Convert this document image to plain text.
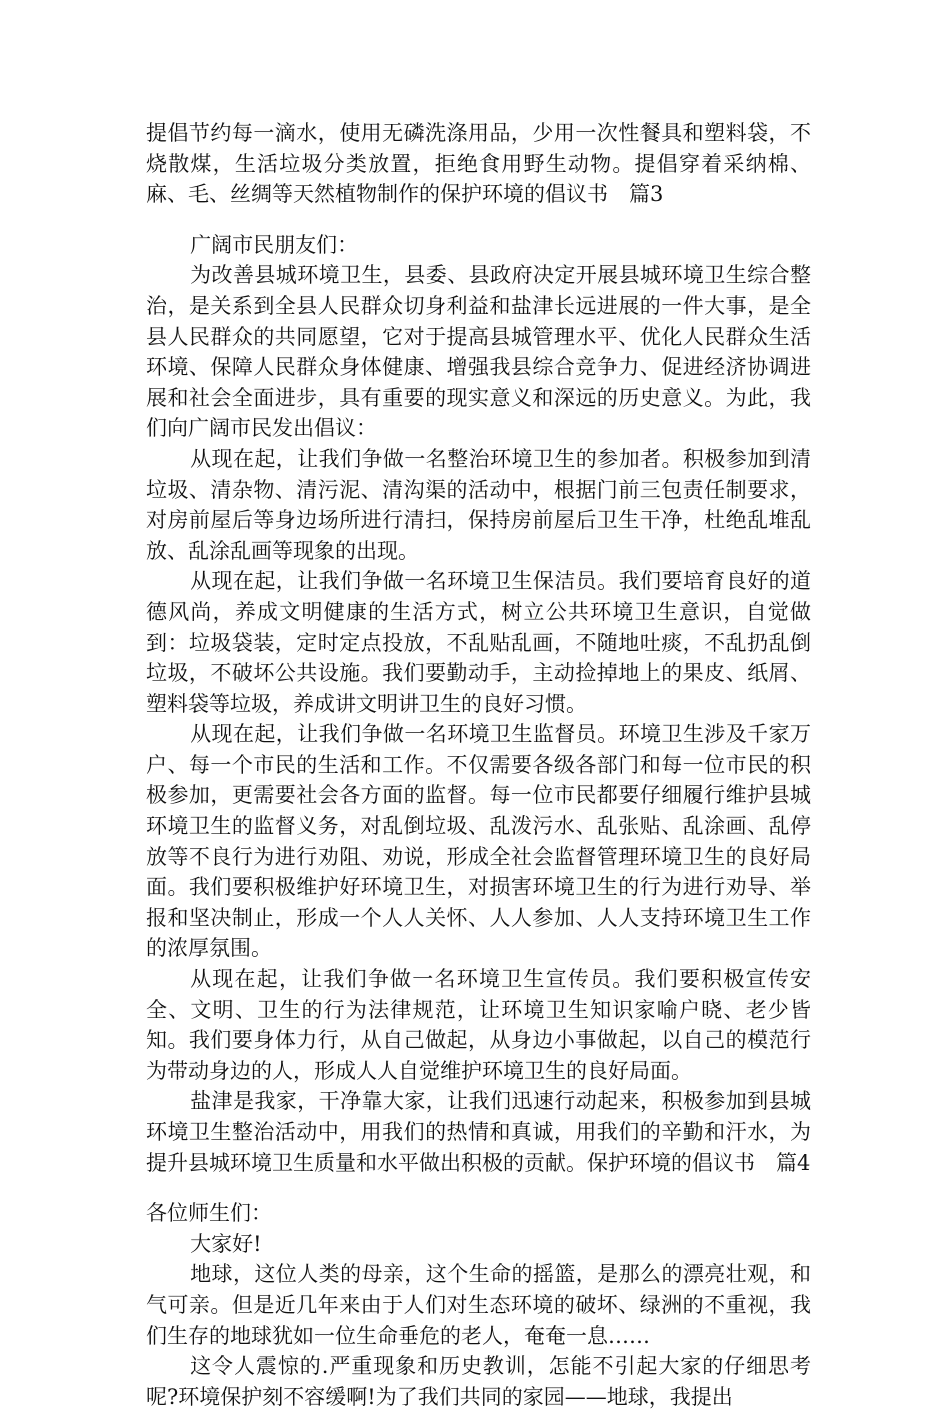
提倡节约每一滴水，使用无磷洗涤用品，少用一次性餐具和塑料袋，不烧散煤，生活垃圾分类放置，拒绝食用野生动物。提倡穿着采纳棉、麻、毛、丝绸等天然植物制作的保护环境的倡议书　篇3

广阔市民朋友们：

为改善县城环境卫生，县委、县政府决定开展县城环境卫生综合整治，是关系到全县人民群众切身利益和盐津长远进展的一件大事，是全县人民群众的共同愿望，它对于提高县城管理水平、优化人民群众生活环境、保障人民群众身体健康、增强我县综合竞争力、促进经济协调进展和社会全面进步，具有重要的现实意义和深远的历史意义。为此，我们向广阔市民发出倡议：

从现在起，让我们争做一名整治环境卫生的参加者。积极参加到清垃圾、清杂物、清污泥、清沟渠的活动中，根据门前三包责任制要求，对房前屋后等身边场所进行清扫，保持房前屋后卫生干净，杜绝乱堆乱放、乱涂乱画等现象的出现。

从现在起，让我们争做一名环境卫生保洁员。我们要培育良好的道德风尚，养成文明健康的生活方式，树立公共环境卫生意识，自觉做到：垃圾袋装，定时定点投放，不乱贴乱画，不随地吐痰，不乱扔乱倒垃圾，不破坏公共设施。我们要勤动手，主动捡掉地上的果皮、纸屑、塑料袋等垃圾，养成讲文明讲卫生的良好习惯。

从现在起，让我们争做一名环境卫生监督员。环境卫生涉及千家万户、每一个市民的生活和工作。不仅需要各级各部门和每一位市民的积极参加，更需要社会各方面的监督。每一位市民都要仔细履行维护县城环境卫生的监督义务，对乱倒垃圾、乱泼污水、乱张贴、乱涂画、乱停放等不良行为进行劝阻、劝说，形成全社会监督管理环境卫生的良好局面。我们要积极维护好环境卫生，对损害环境卫生的行为进行劝导、举报和坚决制止，形成一个人人关怀、人人参加、人人支持环境卫生工作的浓厚氛围。

从现在起，让我们争做一名环境卫生宣传员。我们要积极宣传安全、文明、卫生的行为法律规范，让环境卫生知识家喻户晓、老少皆知。我们要身体力行，从自己做起，从身边小事做起，以自己的模范行为带动身边的人，形成人人自觉维护环境卫生的良好局面。

盐津是我家，干净靠大家，让我们迅速行动起来，积极参加到县城环境卫生整治活动中，用我们的热情和真诚，用我们的辛勤和汗水，为提升县城环境卫生质量和水平做出积极的贡献。保护环境的倡议书　篇4

各位师生们：

大家好!

地球，这位人类的母亲，这个生命的摇篮，是那么的漂亮壮观，和气可亲。但是近几年来由于人们对生态环境的破坏、绿洲的不重视，我们生存的地球犹如一位生命垂危的老人，奄奄一息……

这令人震惊的.严重现象和历史教训，怎能不引起大家的仔细思考呢?环境保护刻不容缓啊!为了我们共同的家园——地球，我提出
